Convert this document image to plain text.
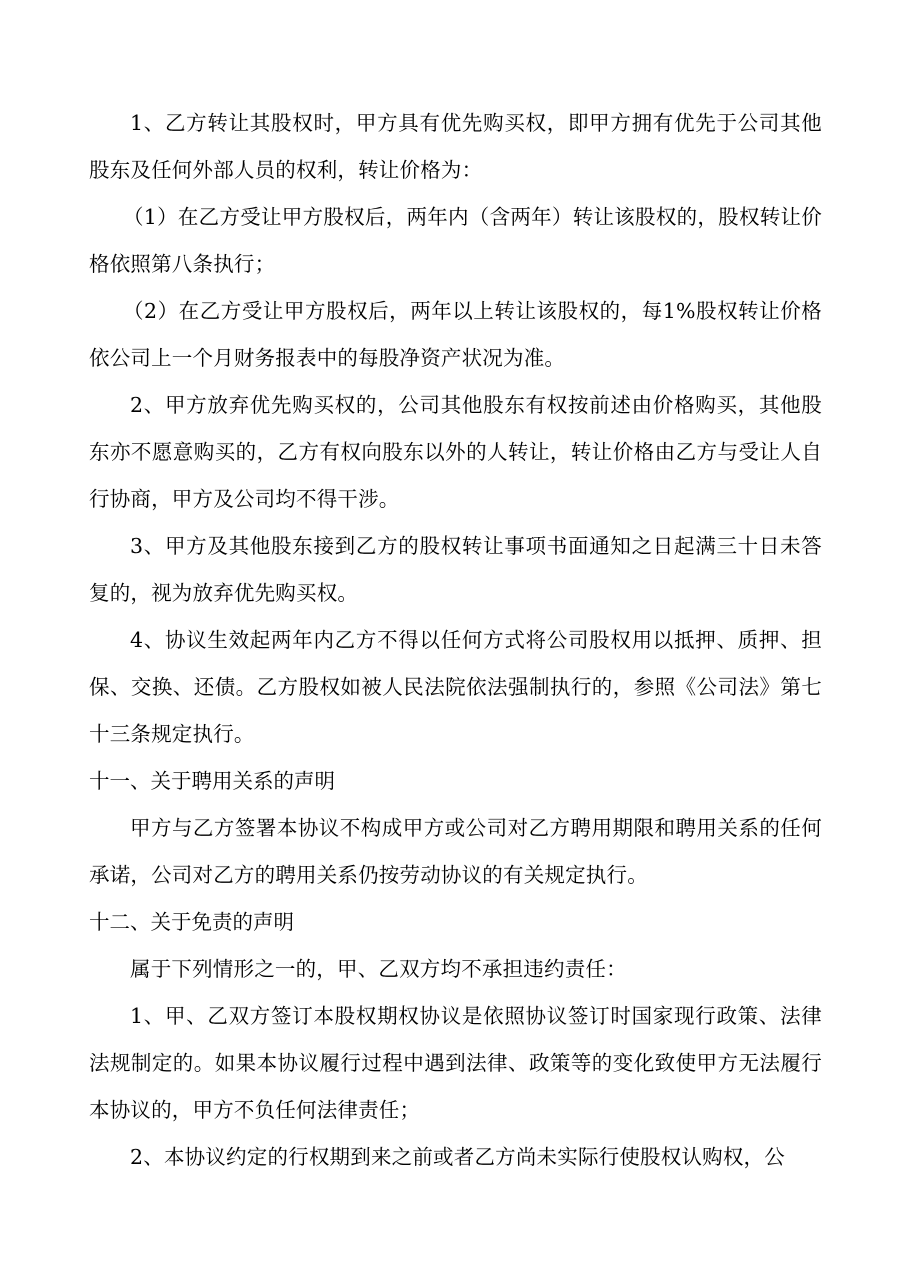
1、乙方转让其股权时，甲方具有优先购买权，即甲方拥有优先于公司其他股东及任何外部人员的权利，转让价格为：

（1）在乙方受让甲方股权后，两年内（含两年）转让该股权的，股权转让价格依照第八条执行；

（2）在乙方受让甲方股权后，两年以上转让该股权的，每1%股权转让价格依公司上一个月财务报表中的每股净资产状况为准。

2、甲方放弃优先购买权的，公司其他股东有权按前述由价格购买，其他股东亦不愿意购买的，乙方有权向股东以外的人转让，转让价格由乙方与受让人自行协商，甲方及公司均不得干涉。

3、甲方及其他股东接到乙方的股权转让事项书面通知之日起满三十日未答复的，视为放弃优先购买权。

4、协议生效起两年内乙方不得以任何方式将公司股权用以抵押、质押、担保、交换、还债。乙方股权如被人民法院依法强制执行的，参照《公司法》第七十三条规定执行。

十一、关于聘用关系的声明

甲方与乙方签署本协议不构成甲方或公司对乙方聘用期限和聘用关系的任何承诺，公司对乙方的聘用关系仍按劳动协议的有关规定执行。

十二、关于免责的声明

属于下列情形之一的，甲、乙双方均不承担违约责任：

1、甲、乙双方签订本股权期权协议是依照协议签订时国家现行政策、法律法规制定的。如果本协议履行过程中遇到法律、政策等的变化致使甲方无法履行本协议的，甲方不负任何法律责任；

2、本协议约定的行权期到来之前或者乙方尚未实际行使股权认购权，公
